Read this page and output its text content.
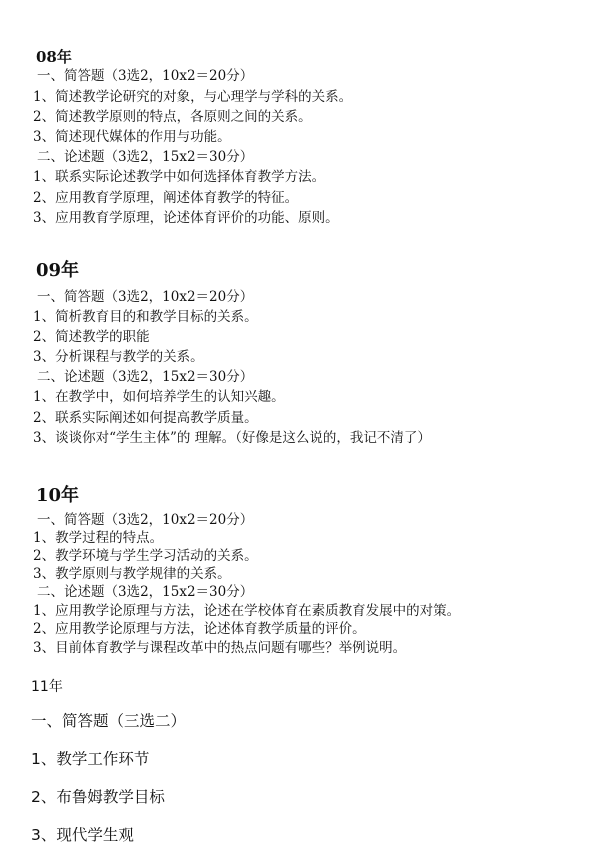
08年
一、简答题（3选2，10x2＝20分）
1、简述教学论研究的对象，与心理学与学科的关系。
2、简述教学原则的特点，各原则之间的关系。
3、简述现代媒体的作用与功能。
二、论述题（3选2，15x2＝30分）
1、联系实际论述教学中如何选择体育教学方法。
2、应用教育学原理，阐述体育教学的特征。
3、应用教育学原理，论述体育评价的功能、原则。
09年
一、简答题（3选2，10x2＝20分）
1、简析教育目的和教学目标的关系。
2、简述教学的职能
3、分析课程与教学的关系。
二、论述题（3选2，15x2＝30分）
1、在教学中，如何培养学生的认知兴趣。
2、联系实际阐述如何提高教学质量。
3、谈谈你对“学生主体”的 理解。（好像是这么说的，我记不清了）
10年
一、简答题（3选2，10x2＝20分）
1、教学过程的特点。
2、教学环境与学生学习活动的关系。
3、教学原则与教学规律的关系。
二、论述题（3选2，15x2＝30分）
1、应用教学论原理与方法，论述在学校体育在素质教育发展中的对策。
2、应用教学论原理与方法，论述体育教学质量的评价。
3、目前体育教学与课程改革中的热点问题有哪些？举例说明。
11年
一、简答题（三选二）
1、教学工作环节
2、布鲁姆教学目标
3、现代学生观
